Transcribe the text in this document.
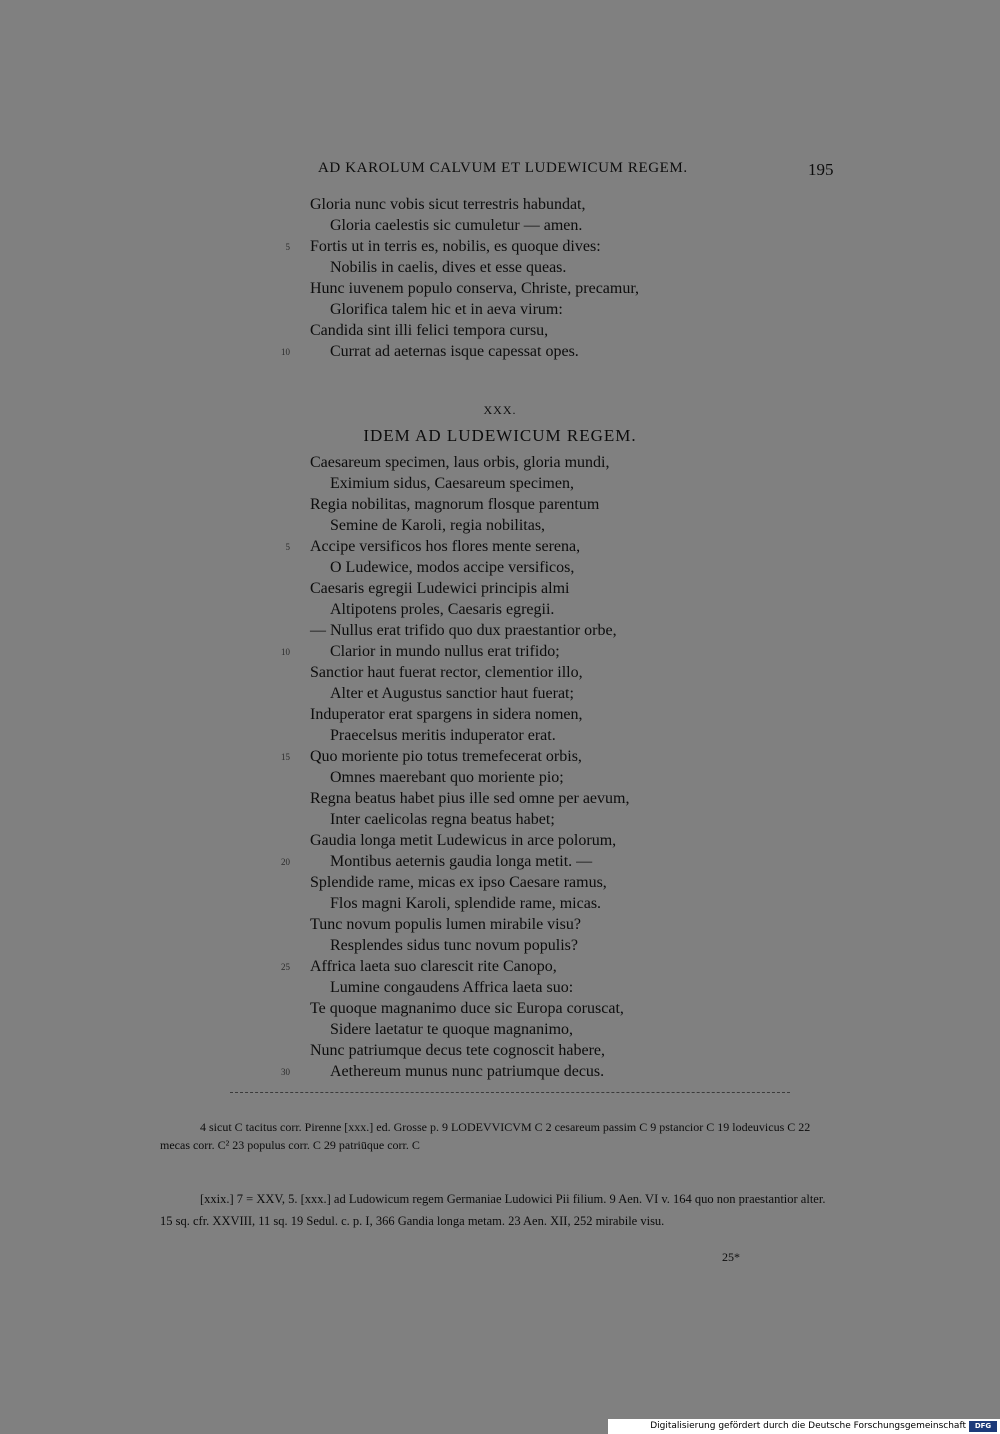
AD KAROLUM CALVUM ET LUDEWICUM REGEM.	195
Gloria nunc vobis sicut terrestris habundat,
Gloria caelestis sic cumuletur — amen.
5 Fortis ut in terris es, nobilis, es quoque dives:
Nobilis in caelis, dives et esse queas.
Hunc iuvenem populo conserva, Christe, precamur,
Glorifica talem hic et in aeva virum:
Candida sint illi felici tempora cursu,
10	Currat ad aeternas isque capessat opes.
XXX.
IDEM AD LUDEWICUM REGEM.
Caesareum specimen, laus orbis, gloria mundi,
Eximium sidus, Caesareum specimen,
Regia nobilitas, magnorum flosque parentum
Semine de Karoli, regia nobilitas,
5 Accipe versificos hos flores mente serena,
O Ludewice, modos accipe versificos,
Caesaris egregii Ludewici principis almi
Altipotens proles, Caesaris egregii.
— Nullus erat trifido quo dux praestantior orbe,
10	Clarior in mundo nullus erat trifido;
Sanctior haut fuerat rector, clementior illo,
Alter et Augustus sanctior haut fuerat;
Induperator erat spargens in sidera nomen,
Praecelsus meritis induperator erat.
15 Quo moriente pio totus tremefecerat orbis,
Omnes maerebant quo moriente pio;
Regna beatus habet pius ille sed omne per aevum,
Inter caelicolas regna beatus habet;
Gaudia longa metit Ludewicus in arce polorum,
20	Montibus aeternis gaudia longa metit. —
Splendide rame, micas ex ipso Caesare ramus,
Flos magni Karoli, splendide rame, micas.
Tunc novum populis lumen mirabile visu?
Resplendes sidus tunc novum populis?
25 Affrica laeta suo clarescit rite Canopo,
Lumine congaudens Affrica laeta suo:
Te quoque magnanimo duce sic Europa coruscat,
Sidere laetatur te quoque magnanimo,
Nunc patriumque decus tete cognoscit habere,
30	Aethereum munus nunc patriumque decus.

4 sicut C tacitus corr. Pirenne [xxx.] ed. Grosse p. 9 LODEVVICVM C 2 cesareum passim C 9 pstancior C 19 lodeuvicus C 22 mecas corr. C² 23 populus corr. C 29 patriūque corr. C

[xxix.] 7 = XXV, 5. [xxx.] ad Ludowicum regem Germaniae Ludowici Pii filium. 9 Aen. VI v. 164 quo non praestantior alter. 15 sq. cfr. XXVIII, 11 sq. 19 Sedul. c. p. I, 366 Gandia longa metam. 23 Aen. XII, 252 mirabile visu.

25*
Digitalisierung gefördert durch die Deutsche Forschungsgemeinschaft	DFG
